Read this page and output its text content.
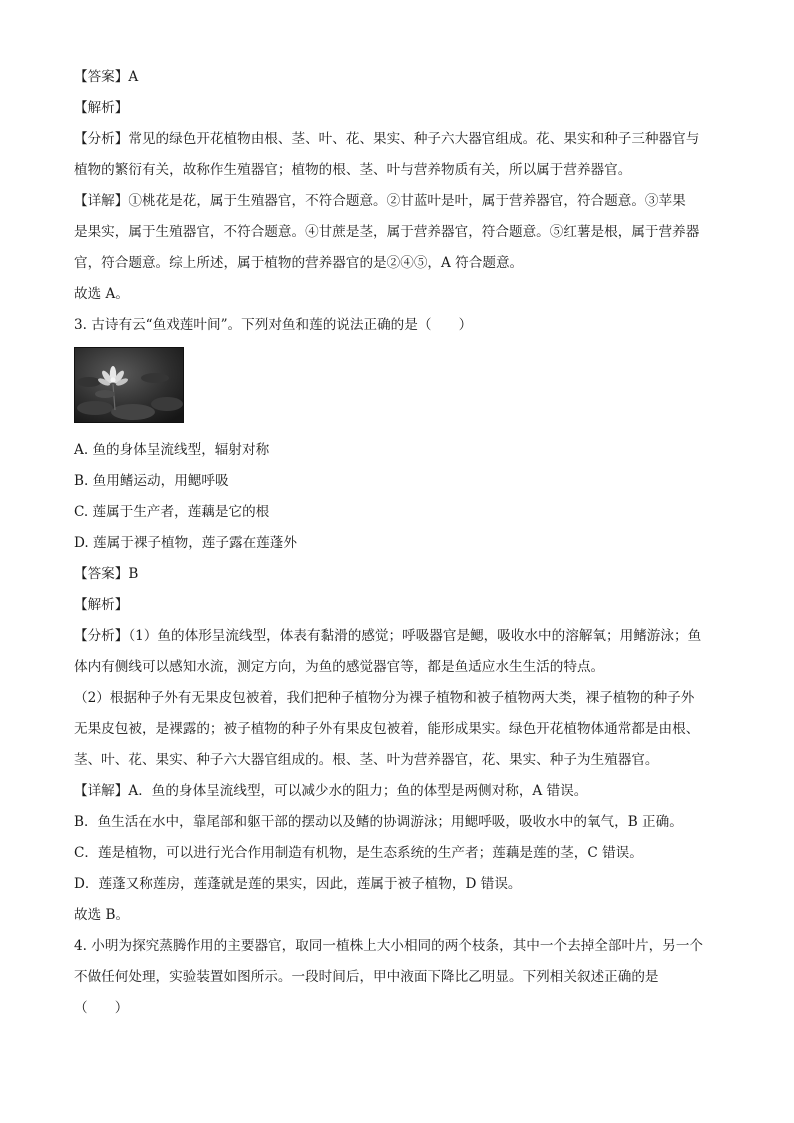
【答案】A
【解析】
【分析】常见的绿色开花植物由根、茎、叶、花、果实、种子六大器官组成。花、果实和种子三种器官与
植物的繁衍有关，故称作生殖器官；植物的根、茎、叶与营养物质有关，所以属于营养器官。
【详解】①桃花是花，属于生殖器官，不符合题意。②甘蓝叶是叶，属于营养器官，符合题意。③苹果
是果实，属于生殖器官，不符合题意。④甘蔗是茎，属于营养器官，符合题意。⑤红薯是根，属于营养器
官，符合题意。综上所述，属于植物的营养器官的是②④⑤，A 符合题意。
故选 A。
3. 古诗有云“鱼戏莲叶间”。下列对鱼和莲的说法正确的是（　　）
A. 鱼的身体呈流线型，辐射对称
B. 鱼用鳍运动，用鳃呼吸
C. 莲属于生产者，莲藕是它的根
D. 莲属于裸子植物，莲子露在莲蓬外
【答案】B
【解析】
【分析】（1）鱼的体形呈流线型，体表有黏滑的感觉；呼吸器官是鳃，吸收水中的溶解氧；用鳍游泳；鱼
体内有侧线可以感知水流，测定方向，为鱼的感觉器官等，都是鱼适应水生生活的特点。
（2）根据种子外有无果皮包被着，我们把种子植物分为裸子植物和被子植物两大类，裸子植物的种子外
无果皮包被，是裸露的；被子植物的种子外有果皮包被着，能形成果实。绿色开花植物体通常都是由根、
茎、叶、花、果实、种子六大器官组成的。根、茎、叶为营养器官，花、果实、种子为生殖器官。
【详解】A．鱼的身体呈流线型，可以减少水的阻力；鱼的体型是两侧对称，A 错误。
B．鱼生活在水中，靠尾部和躯干部的摆动以及鳍的协调游泳；用鳃呼吸，吸收水中的氧气，B 正确。
C．莲是植物，可以进行光合作用制造有机物，是生态系统的生产者；莲藕是莲的茎，C 错误。
D．莲蓬又称莲房，莲蓬就是莲的果实，因此，莲属于被子植物，D 错误。
故选 B。
4. 小明为探究蒸腾作用的主要器官，取同一植株上大小相同的两个枝条，其中一个去掉全部叶片，另一个
不做任何处理，实验装置如图所示。一段时间后，甲中液面下降比乙明显。下列相关叙述正确的是
（　　）
